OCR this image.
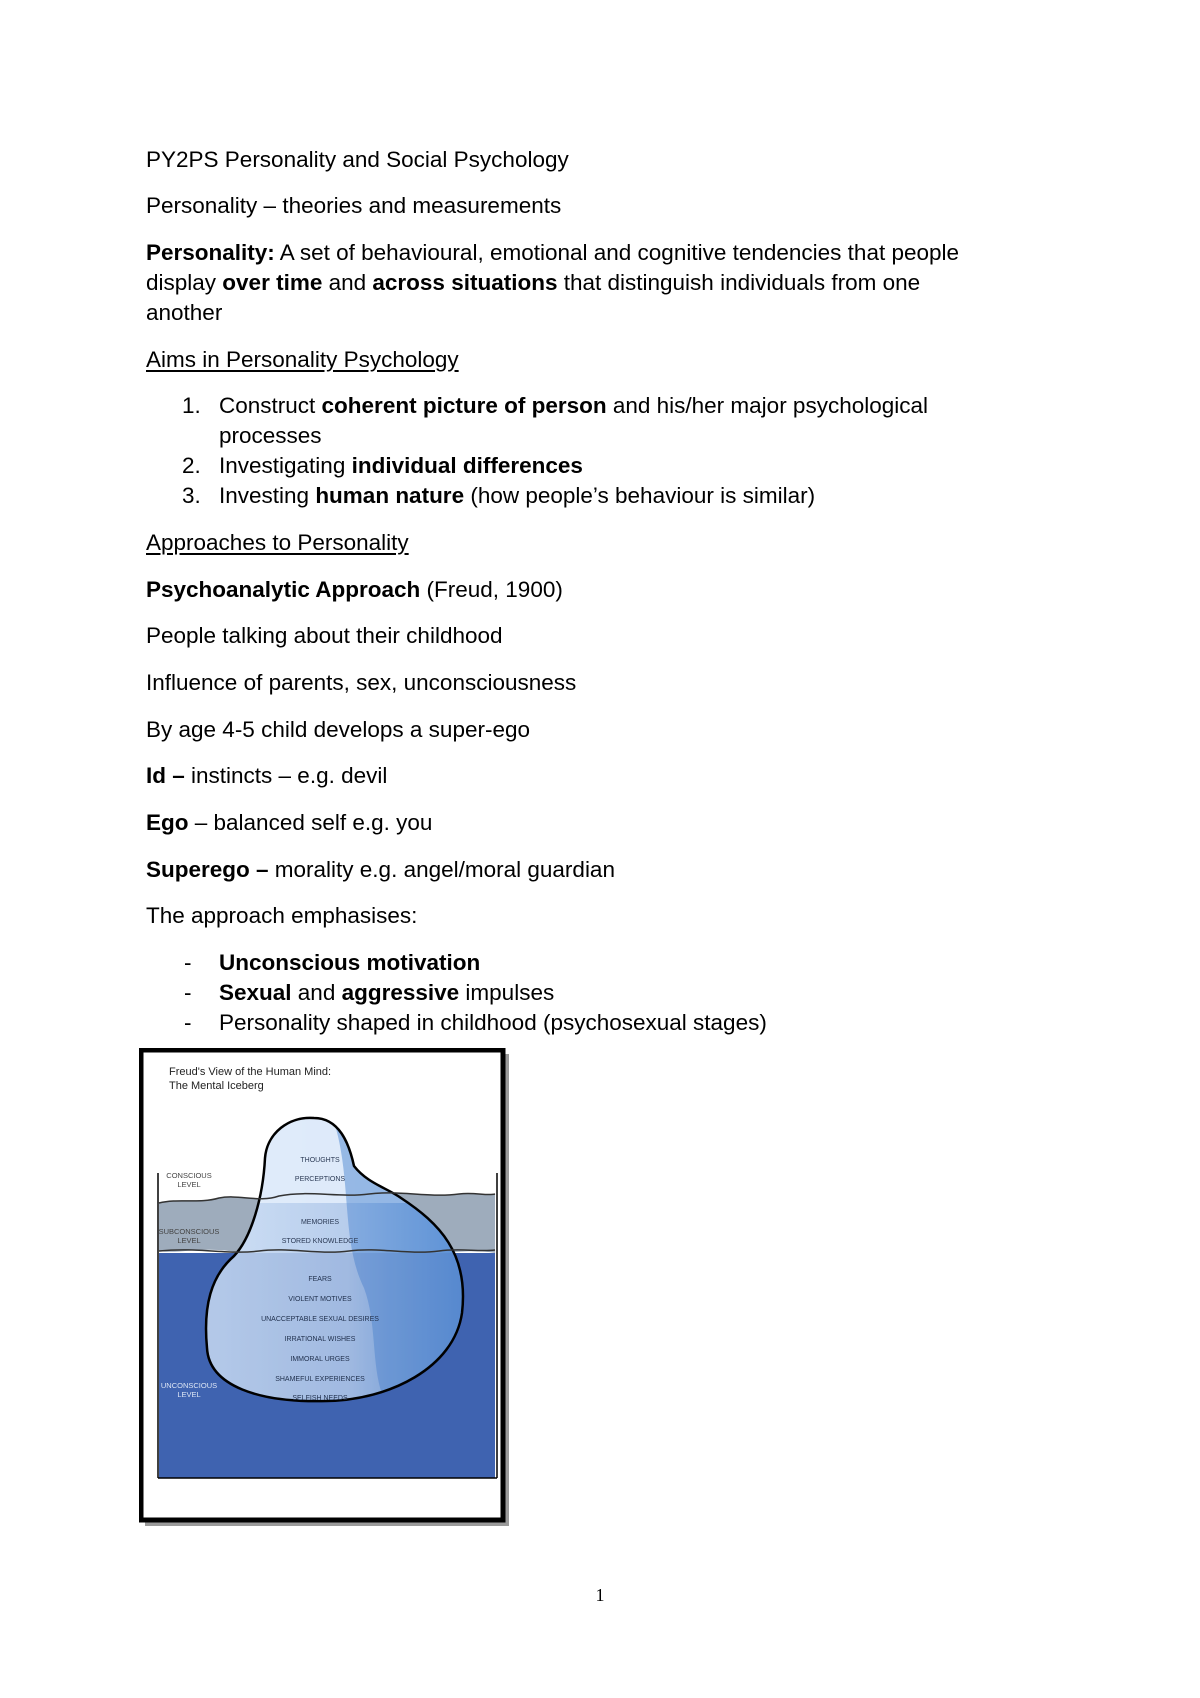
PY2PS Personality and Social Psychology
Personality – theories and measurements
Personality: A set of behavioural, emotional and cognitive tendencies that people
display over time and across situations that distinguish individuals from one
another
Aims in Personality Psychology
1. Construct coherent picture of person and his/her major psychological
processes
2. Investigating individual differences
3. Investing human nature (how people’s behaviour is similar)
Approaches to Personality
Psychoanalytic Approach (Freud, 1900)
People talking about their childhood
Influence of parents, sex, unconsciousness
By age 4-5 child develops a super-ego
Id – instincts – e.g. devil
Ego – balanced self e.g. you
Superego – morality e.g. angel/moral guardian
The approach emphasises:
- Unconscious motivation
- Sexual and aggressive impulses
- Personality shaped in childhood (psychosexual stages)
Freud's View of the Human Mind:
The Mental Iceberg
CONSCIOUS
LEVEL
SUBCONSCIOUS
LEVEL
UNCONSCIOUS
LEVEL
THOUGHTS
PERCEPTIONS
MEMORIES
STORED KNOWLEDGE
FEARS
VIOLENT MOTIVES
UNACCEPTABLE SEXUAL DESIRES
IRRATIONAL WISHES
IMMORAL URGES
SHAMEFUL EXPERIENCES
SELFISH NEEDS
1
